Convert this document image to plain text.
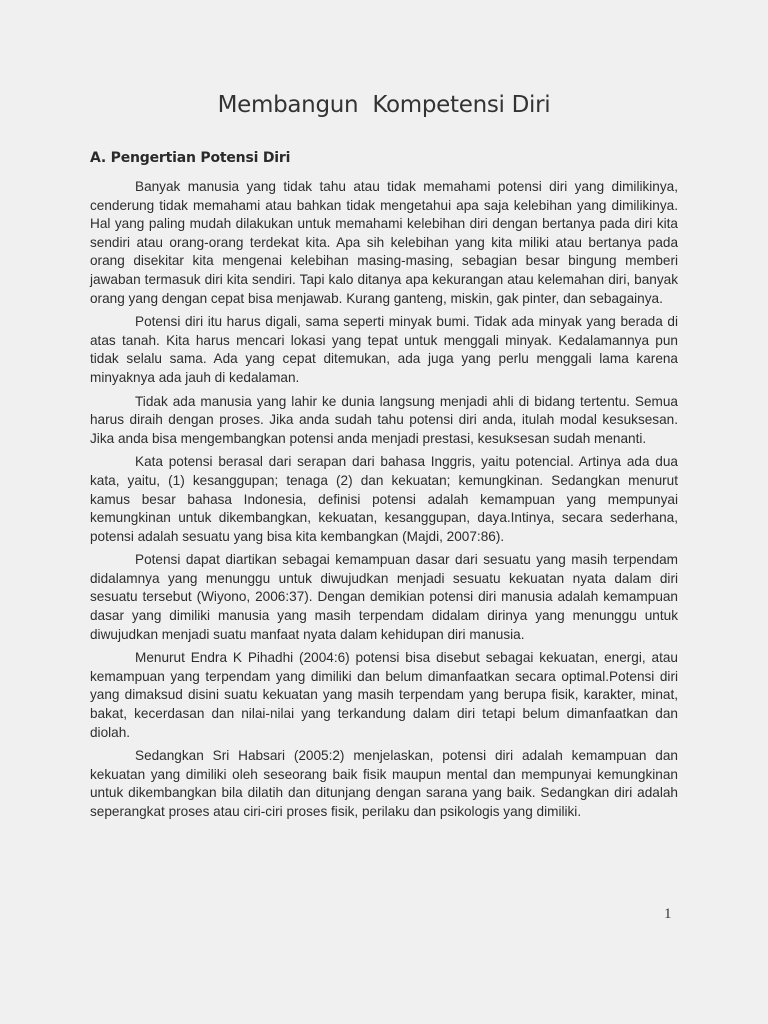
Membangun  Kompetensi Diri
A. Pengertian Potensi Diri

Banyak manusia yang tidak tahu atau tidak memahami potensi diri yang dimilikinya, cenderung tidak memahami atau bahkan tidak mengetahui apa saja kelebihan yang dimilikinya. Hal yang paling mudah dilakukan untuk memahami kelebihan diri dengan bertanya pada diri kita sendiri atau orang-orang terdekat kita. Apa sih kelebihan yang kita miliki atau bertanya pada orang disekitar kita mengenai kelebihan masing-masing, sebagian besar bingung memberi jawaban termasuk diri kita sendiri. Tapi kalo ditanya apa kekurangan atau kelemahan diri, banyak orang yang dengan cepat bisa menjawab. Kurang ganteng, miskin, gak pinter, dan sebagainya.

Potensi diri itu harus digali, sama seperti minyak bumi. Tidak ada minyak yang berada di atas tanah. Kita harus mencari lokasi yang tepat untuk menggali minyak. Kedalamannya pun tidak selalu sama. Ada yang cepat ditemukan, ada juga yang perlu menggali lama karena minyaknya ada jauh di kedalaman.

Tidak ada manusia yang lahir ke dunia langsung menjadi ahli di bidang tertentu. Semua harus diraih dengan proses. Jika anda sudah tahu potensi diri anda, itulah modal kesuksesan. Jika anda bisa mengembangkan potensi anda menjadi prestasi, kesuksesan sudah menanti.

Kata potensi berasal dari serapan dari bahasa Inggris, yaitu potencial. Artinya ada dua kata, yaitu, (1) kesanggupan; tenaga (2) dan kekuatan; kemungkinan. Sedangkan menurut kamus besar bahasa Indonesia, definisi potensi adalah kemampuan yang mempunyai kemungkinan untuk dikembangkan, kekuatan, kesanggupan, daya.Intinya, secara sederhana, potensi adalah sesuatu yang bisa kita kembangkan (Majdi, 2007:86).

Potensi dapat diartikan sebagai kemampuan dasar dari sesuatu yang masih terpendam didalamnya yang menunggu untuk diwujudkan menjadi sesuatu kekuatan nyata dalam diri sesuatu tersebut (Wiyono, 2006:37). Dengan demikian potensi diri manusia adalah kemampuan dasar yang dimiliki manusia yang masih terpendam didalam dirinya yang menunggu untuk diwujudkan menjadi suatu manfaat nyata dalam kehidupan diri manusia.

Menurut Endra K Pihadhi (2004:6) potensi bisa disebut sebagai kekuatan, energi, atau kemampuan yang terpendam yang dimiliki dan belum dimanfaatkan secara optimal.Potensi diri yang dimaksud disini suatu kekuatan yang masih terpendam yang berupa fisik, karakter, minat, bakat, kecerdasan dan nilai-nilai yang terkandung dalam diri tetapi belum dimanfaatkan dan diolah.

Sedangkan Sri Habsari (2005:2) menjelaskan, potensi diri adalah kemampuan dan kekuatan yang dimiliki oleh seseorang baik fisik maupun mental dan mempunyai kemungkinan untuk dikembangkan bila dilatih dan ditunjang dengan sarana yang baik. Sedangkan diri adalah seperangkat proses atau ciri-ciri proses fisik, perilaku dan psikologis yang dimiliki.

1
